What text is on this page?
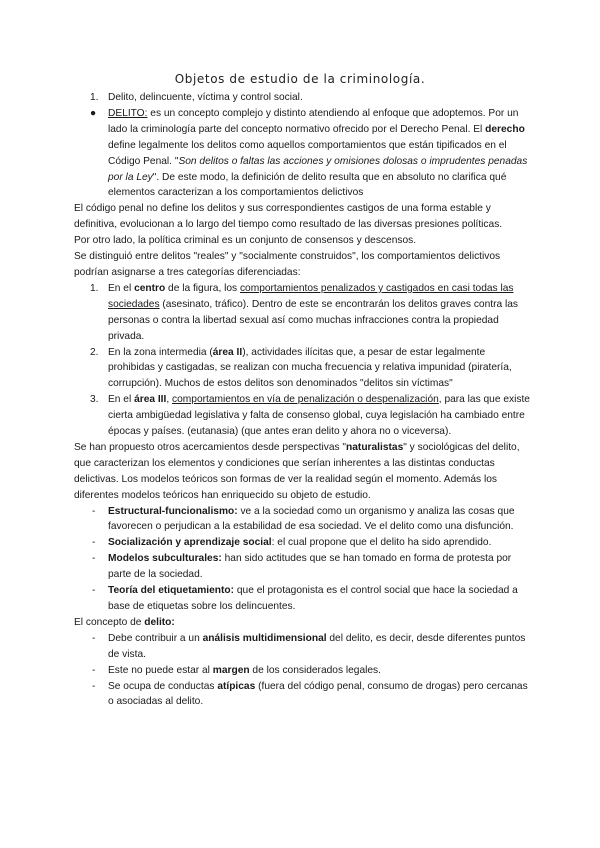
Objetos de estudio de la criminología.
1. Delito, delincuente, víctima y control social.
● DELITO: es un concepto complejo y distinto atendiendo al enfoque que adoptemos. Por un lado la criminología parte del concepto normativo ofrecido por el Derecho Penal. El derecho define legalmente los delitos como aquellos comportamientos que están tipificados en el Código Penal. "Son delitos o faltas las acciones y omisiones dolosas o imprudentes penadas por la Ley". De este modo, la definición de delito resulta que en absoluto no clarifica qué elementos caracterizan a los comportamientos delictivos

El código penal no define los delitos y sus correspondientes castigos de una forma estable y definitiva, evolucionan a lo largo del tiempo como resultado de las diversas presiones políticas.

Por otro lado, la política criminal es un conjunto de consensos y descensos.

Se distinguió entre delitos "reales" y "socialmente construidos", los comportamientos delictivos podrían asignarse a tres categorías diferenciadas:

1. En el centro de la figura, los comportamientos penalizados y castigados en casi todas las sociedades (asesinato, tráfico). Dentro de este se encontrarán los delitos graves contra las personas o contra la libertad sexual así como muchas infracciones contra la propiedad privada.
2. En la zona intermedia (área II), actividades ilícitas que, a pesar de estar legalmente prohibidas y castigadas, se realizan con mucha frecuencia y relativa impunidad (piratería, corrupción). Muchos de estos delitos son denominados "delitos sin víctimas"
3. En el área III, comportamientos en vía de penalización o despenalización, para las que existe cierta ambigüedad legislativa y falta de consenso global, cuya legislación ha cambiado entre épocas y países. (eutanasia) (que antes eran delito y ahora no o viceversa).

Se han propuesto otros acercamientos desde perspectivas "naturalistas" y sociológicas del delito, que caracterizan los elementos y condiciones que serían inherentes a las distintas conductas delictivas. Los modelos teóricos son formas de ver la realidad según el momento. Además los diferentes modelos teóricos han enriquecido su objeto de estudio.

- Estructural-funcionalismo: ve a la sociedad como un organismo y analiza las cosas que favorecen o perjudican a la estabilidad de esa sociedad. Ve el delito como una disfunción.
- Socialización y aprendizaje social: el cual propone que el delito ha sido aprendido.
- Modelos subculturales: han sido actitudes que se han tomado en forma de protesta por parte de la sociedad.
- Teoría del etiquetamiento: que el protagonista es el control social que hace la sociedad a base de etiquetas sobre los delincuentes.

El concepto de delito:

- Debe contribuir a un análisis multidimensional del delito, es decir, desde diferentes puntos de vista.
- Este no puede estar al margen de los considerados legales.
- Se ocupa de conductas atípicas (fuera del código penal, consumo de drogas) pero cercanas o asociadas al delito.
